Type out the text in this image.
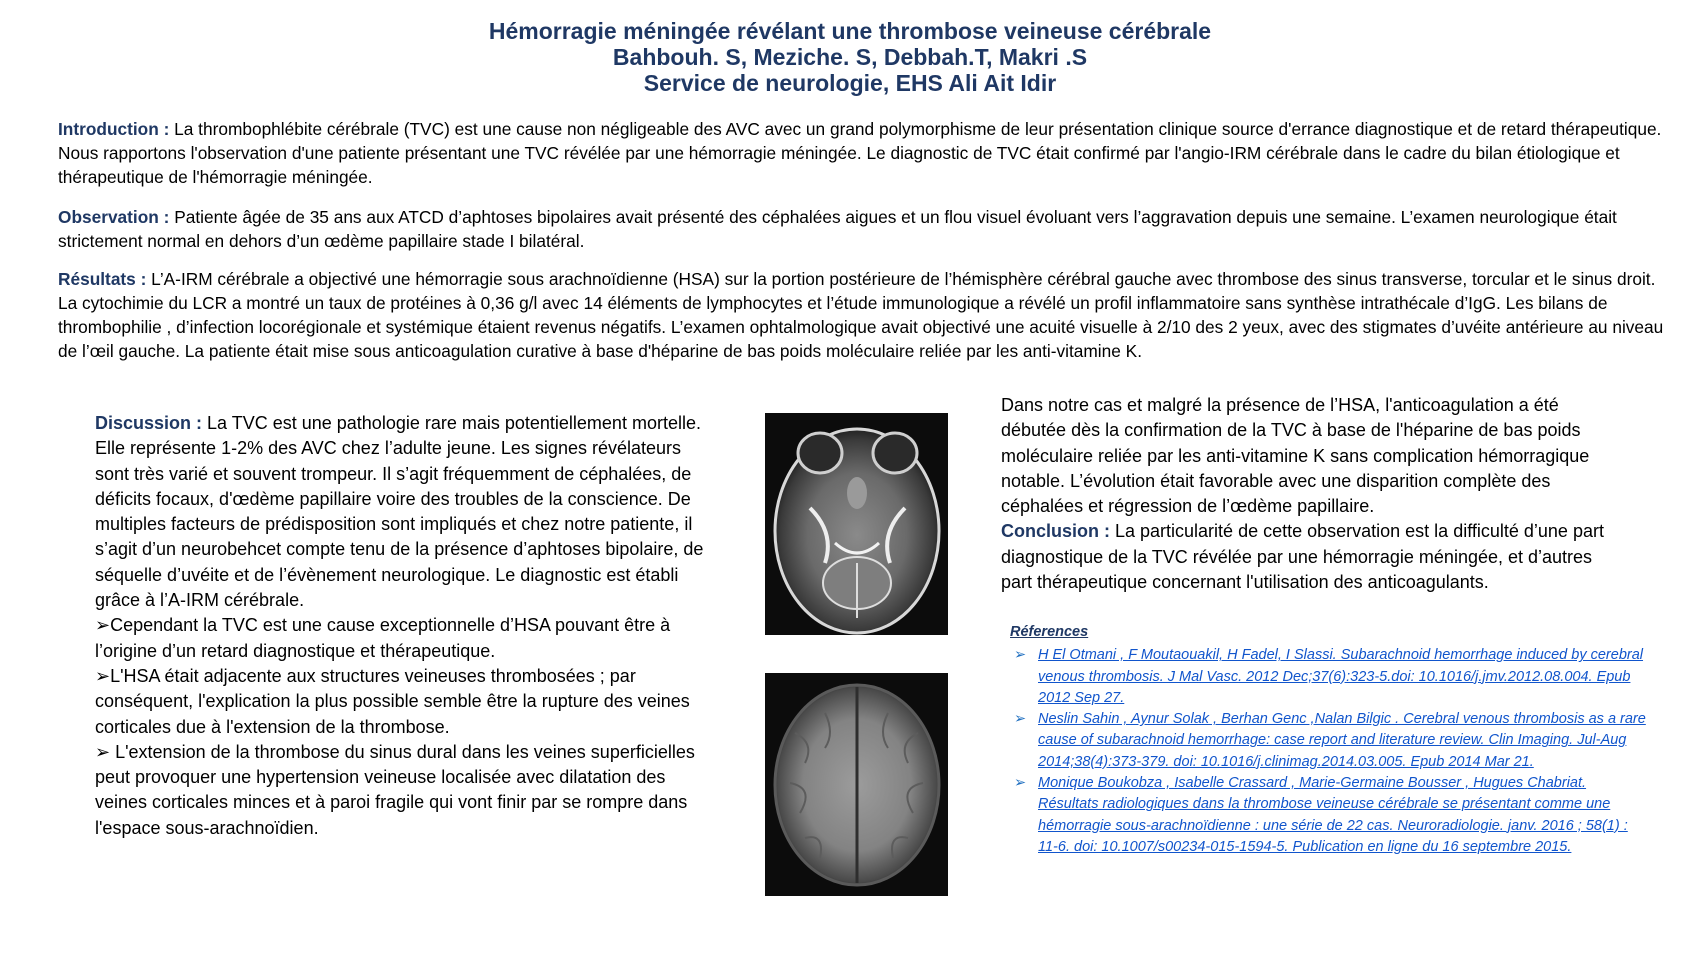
Hémorragie méningée révélant une thrombose veineuse cérébrale
Bahbouh. S, Meziche. S, Debbah.T, Makri .S
Service de neurologie, EHS Ali Ait Idir

Introduction : La thrombophlébite cérébrale (TVC) est une cause non négligeable des AVC avec un grand polymorphisme de leur présentation clinique source d'errance diagnostique et de retard thérapeutique. Nous rapportons l'observation d'une patiente présentant une TVC révélée par une hémorragie méningée. Le diagnostic de TVC était confirmé par l'angio-IRM cérébrale dans le cadre du bilan étiologique et thérapeutique de l'hémorragie méningée.

Observation : Patiente âgée de 35 ans aux ATCD d’aphtoses bipolaires avait présenté des céphalées aigues et un flou visuel évoluant vers l’aggravation depuis une semaine. L’examen neurologique était strictement normal en dehors d’un œdème papillaire stade I bilatéral.

Résultats : L’A-IRM cérébrale a objectivé une hémorragie sous arachnoïdienne (HSA) sur la portion postérieure de l’hémisphère cérébral gauche avec thrombose des sinus transverse, torcular et le sinus droit. La cytochimie du LCR a montré un taux de protéines à 0,36 g/l avec 14 éléments de lymphocytes et l’étude immunologique a révélé un profil inflammatoire sans synthèse intrathécale d’IgG. Les bilans de thrombophilie , d’infection locorégionale et systémique étaient revenus négatifs. L’examen ophtalmologique avait objectivé une acuité visuelle à 2/10 des 2 yeux, avec des stigmates d’uvéite antérieure au niveau de l’œil gauche. La patiente était mise sous anticoagulation curative à base d'héparine de bas poids moléculaire reliée par les anti-vitamine K.

Discussion : La TVC est une pathologie rare mais potentiellement mortelle. Elle représente 1-2% des AVC chez l’adulte jeune. Les signes révélateurs sont très varié et souvent trompeur. Il s’agit fréquemment de céphalées, de déficits focaux, d'œdème papillaire voire des troubles de la conscience. De multiples facteurs de prédisposition sont impliqués et chez notre patiente, il s’agit d’un neurobehcet compte tenu de la présence d’aphtoses bipolaire, de séquelle d’uvéite et de l’évènement neurologique. Le diagnostic est établi grâce à l’A-IRM cérébrale.

➢Cependant la TVC est une cause exceptionnelle d’HSA pouvant être à l’origine d’un retard diagnostique et thérapeutique.

➢L'HSA était adjacente aux structures veineuses thrombosées ; par conséquent, l'explication la plus possible semble être la rupture des veines corticales due à l'extension de la thrombose.

➢ L'extension de la thrombose du sinus dural dans les veines superficielles peut provoquer une hypertension veineuse localisée avec dilatation des veines corticales minces et à paroi fragile qui vont finir par se rompre dans l'espace sous-arachnoïdien.

Dans notre cas et malgré la présence de l’HSA, l'anticoagulation a été débutée dès la confirmation de la TVC à base de l'héparine de bas poids moléculaire reliée par les anti-vitamine K sans complication hémorragique notable. L’évolution était favorable avec une disparition complète des céphalées et régression de l’œdème papillaire.

Conclusion : La particularité de cette observation est la difficulté d’une part diagnostique de la TVC révélée par une hémorragie méningée, et d’autres part thérapeutique concernant l'utilisation des anticoagulants.

Réferences

➢ H El Otmani , F Moutaouakil, H Fadel, I Slassi. Subarachnoid hemorrhage induced by cerebral venous thrombosis. J Mal Vasc. 2012 Dec;37(6):323-5.doi: 10.1016/j.jmv.2012.08.004. Epub 2012 Sep 27.

➢ Neslin Sahin , Aynur Solak , Berhan Genc ,Nalan Bilgic . Cerebral venous thrombosis as a rare cause of subarachnoid hemorrhage: case report and literature review. Clin Imaging. Jul-Aug 2014;38(4):373-379. doi: 10.1016/j.clinimag.2014.03.005. Epub 2014 Mar 21.

➢ Monique Boukobza , Isabelle Crassard , Marie-Germaine Bousser , Hugues Chabriat. Résultats radiologiques dans la thrombose veineuse cérébrale se présentant comme une hémorragie sous-arachnoïdienne : une série de 22 cas. Neuroradiologie. janv. 2016 ; 58(1) : 11-6. doi: 10.1007/s00234-015-1594-5. Publication en ligne du 16 septembre 2015.
